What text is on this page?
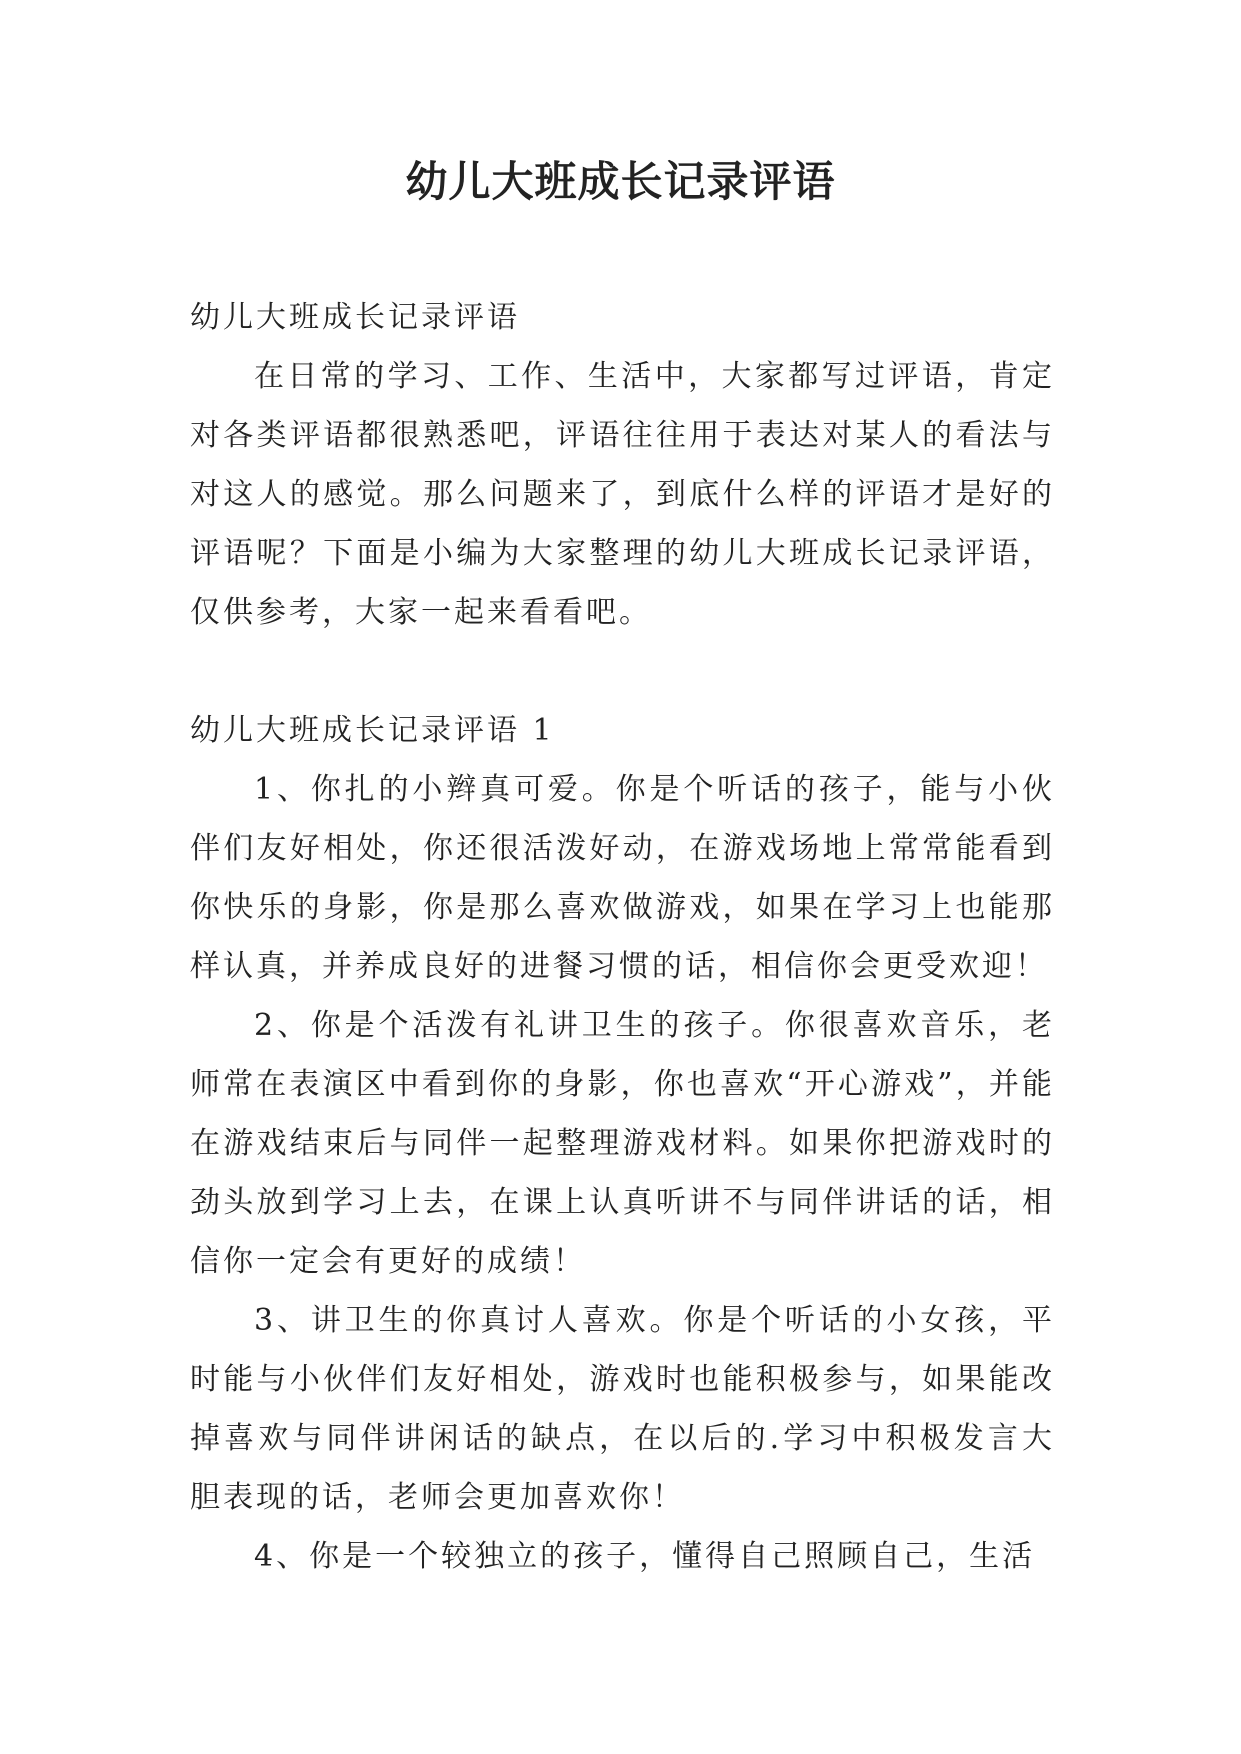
幼儿大班成长记录评语

幼儿大班成长记录评语

在日常的学习、工作、生活中，大家都写过评语，肯定对各类评语都很熟悉吧，评语往往用于表达对某人的看法与对这人的感觉。那么问题来了，到底什么样的评语才是好的评语呢？下面是小编为大家整理的幼儿大班成长记录评语，仅供参考，大家一起来看看吧。

幼儿大班成长记录评语 1

1、你扎的小辫真可爱。你是个听话的孩子，能与小伙伴们友好相处，你还很活泼好动，在游戏场地上常常能看到你快乐的身影，你是那么喜欢做游戏，如果在学习上也能那样认真，并养成良好的进餐习惯的话，相信你会更受欢迎！

2、你是个活泼有礼讲卫生的孩子。你很喜欢音乐，老师常在表演区中看到你的身影，你也喜欢“开心游戏”，并能在游戏结束后与同伴一起整理游戏材料。如果你把游戏时的劲头放到学习上去，在课上认真听讲不与同伴讲话的话，相信你一定会有更好的成绩！

3、讲卫生的你真讨人喜欢。你是个听话的小女孩，平时能与小伙伴们友好相处，游戏时也能积极参与，如果能改掉喜欢与同伴讲闲话的缺点，在以后的.学习中积极发言大胆表现的话，老师会更加喜欢你！

4、你是一个较独立的孩子，懂得自己照顾自己，生活
